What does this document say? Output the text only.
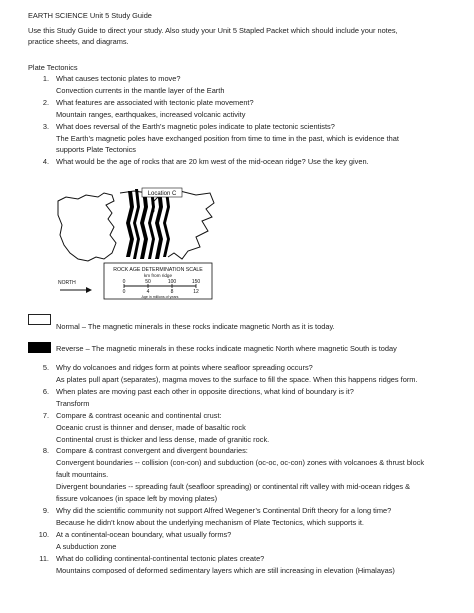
EARTH SCIENCE Unit 5 Study Guide
Use this Study Guide to direct your study. Also study your Unit 5 Stapled Packet which should include your notes,
practice sheets, and diagrams.
Plate Tectonics
1. What causes tectonic plates to move?
Convection currents in the mantle layer of the Earth
2. What features are associated with tectonic plate movement?
Mountain ranges, earthquakes, increased volcanic activity
3. What does reversal of the Earth’s magnetic poles indicate to plate tectonic scientists?
The Earth’s magnetic poles have exchanged position from time to time in the past, which is evidence that
supports Plate Tectonics
4. What would be the age of rocks that are 20 km west of the mid-ocean ridge? Use the key given.
Location C
ROCK AGE DETERMINATION SCALE
km from ridge
0	50	100	150
0	4	8	12
Age in millions of years
NORTH
Normal – The magnetic minerals in these rocks indicate magnetic North as it is today.
Reverse – The magnetic minerals in these rocks indicate magnetic North where magnetic South is today
5. Why do volcanoes and ridges form at points where seafloor spreading occurs?
As plates pull apart (separates), magma moves to the surface to fill the space. When this happens ridges form.
6. When plates are moving past each other in opposite directions, what kind of boundary is it?
Transform
7. Compare & contrast oceanic and continental crust:
Oceanic crust is thinner and denser, made of basaltic rock
Continental crust is thicker and less dense, made of granitic rock.
8. Compare & contrast convergent and divergent boundaries:
Convergent boundaries -- collision (con-con) and subduction (oc-oc, oc-con) zones with volcanoes & thrust block
fault mountains.
Divergent boundaries -- spreading fault (seafloor spreading) or continental rift valley with mid-ocean ridges &
fissure volcanoes (in space left by moving plates)
9. Why did the scientific community not support Alfred Wegener’s Continental Drift theory for a long time?
Because he didn’t know about the underlying mechanism of Plate Tectonics, which supports it.
10. At a continental-ocean boundary, what usually forms?
A subduction zone
11. What do colliding continental-continental tectonic plates create?
Mountains composed of deformed sedimentary layers which are still increasing in elevation (Himalayas)
